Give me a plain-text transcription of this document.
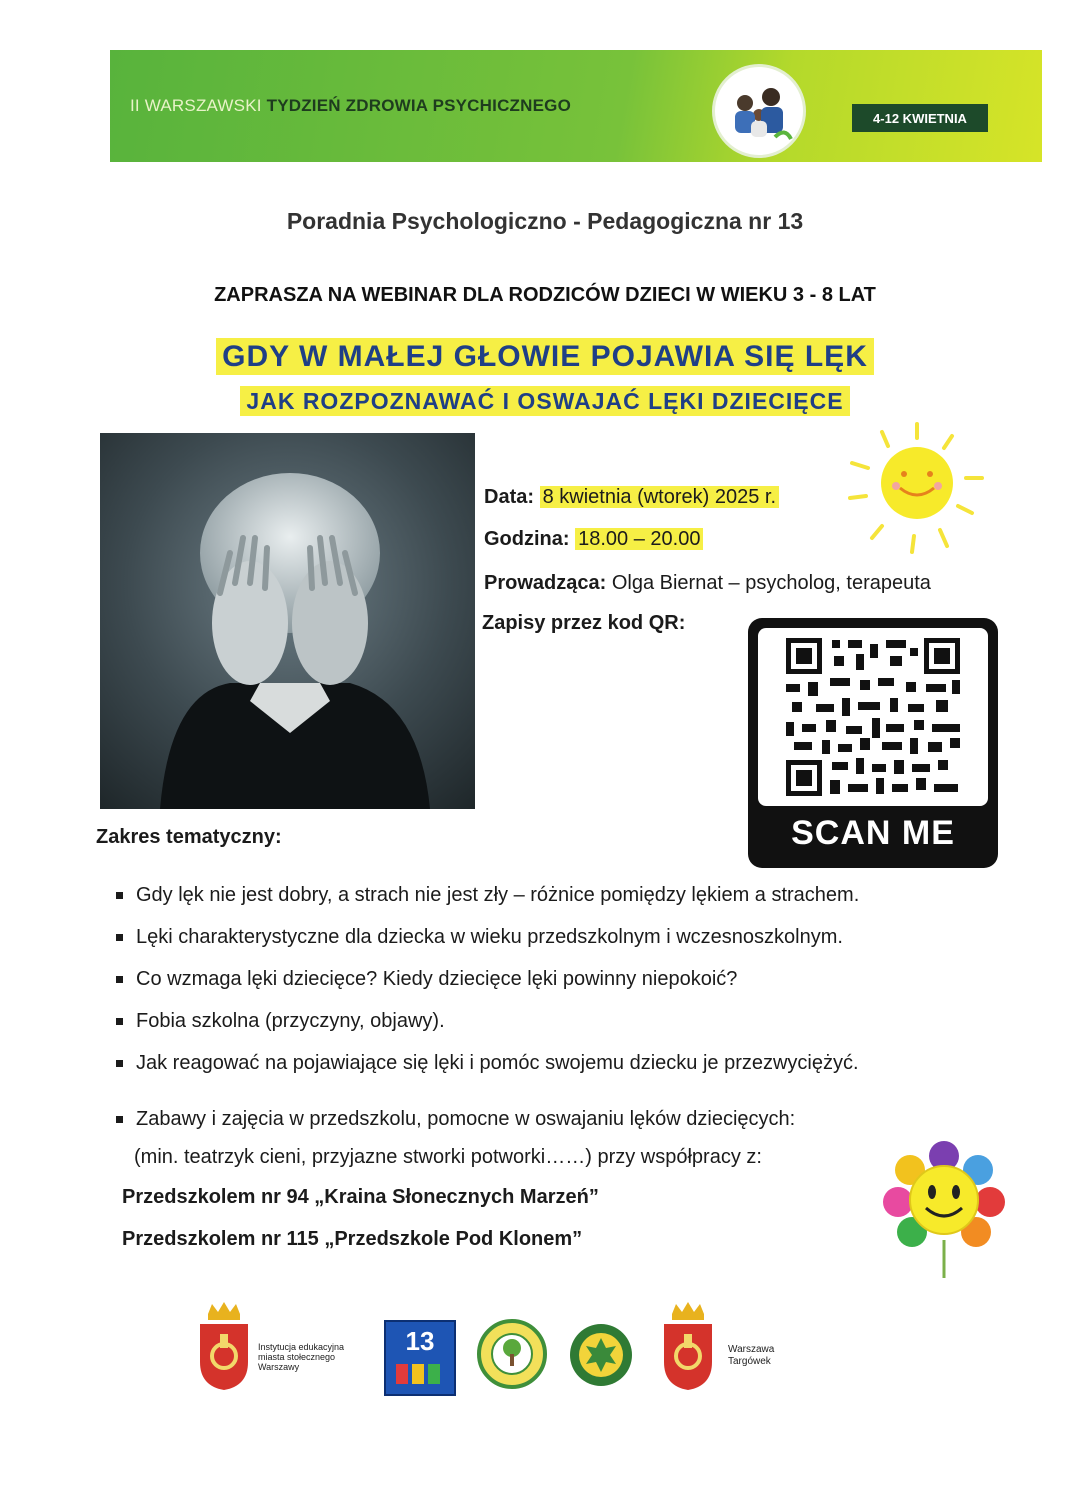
II WARSZAWSKI TYDZIEŃ ZDROWIA PSYCHICZNEGO
4-12 KWIETNIA
Poradnia Psychologiczno - Pedagogiczna nr 13
ZAPRASZA NA WEBINAR DLA RODZICÓW DZIECI W WIEKU 3 - 8 LAT
GDY W MAŁEJ GŁOWIE POJAWIA SIĘ LĘK
JAK ROZPOZNAWAĆ I OSWAJAĆ LĘKI DZIECIĘCE
Data: 8 kwietnia (wtorek) 2025 r.
Godzina: 18.00 – 20.00
Prowadząca: Olga Biernat – psycholog, terapeuta
Zapisy przez kod QR:
SCAN ME
Zakres tematyczny:
Gdy lęk nie jest dobry, a strach nie jest zły – różnice pomiędzy lękiem a strachem.
Lęki charakterystyczne dla dziecka w wieku przedszkolnym i wczesnoszkolnym.
Co wzmaga lęki dziecięce? Kiedy dziecięce lęki powinny niepokoić?
Fobia szkolna (przyczyny, objawy).
Jak reagować na pojawiające się lęki i pomóc swojemu dziecku je przezwyciężyć.
Zabawy i zajęcia w przedszkolu, pomocne w oswajaniu lęków dziecięcych:
(min. teatrzyk cieni, przyjazne stworki potworki……) przy współpracy z:
Przedszkolem nr 94 „Kraina Słonecznych Marzeń”
Przedszkolem nr 115 „Przedszkole Pod Klonem”
Instytucja edukacyjna
miasta stołecznego
Warszawy
13	Warszawa
Targówek
